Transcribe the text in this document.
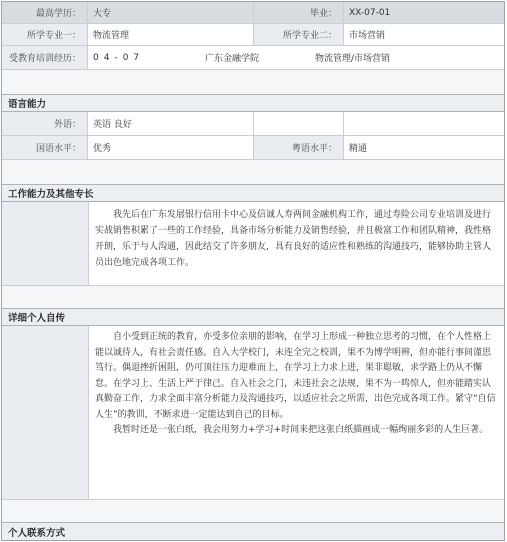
最高学历：	大专	毕业：	XX-07-01
所学专业一：	物流管理	所学专业二：	市场营销
受教育培训经历：	04-07	广东金融学院	物流管理/市场营销
语言能力
外语：	英语 良好
国语水平：	优秀	粤语水平：	精通
工作能力及其他专长

我先后在广东发展银行信用卡中心及信诚人寿两间金融机构工作，通过寿险公司专业培训及进行实战销售积累了一些的工作经验，具备市场分析能力及销售经验，并且极富工作和团队精神，我性格开朗，乐于与人沟通，因此结交了许多朋友，具有良好的适应性和熟练的沟通技巧，能够协助主管人员出色地完成各项工作。

详细个人自传

自小受到正统的教育，亦受多位亲朋的影响，在学习上形成一种独立思考的习惯，在个人性格上能以诚待人，有社会责任感。自入大学校门，未连全完之校训，果不为博学明辨，但亦能行事间谨思笃行。偶退挫折困阻，仍可顶往压力迎难而上，在学习上力求上进，果非聪敏，求学路上仍从不懈怠。在学习上、生活上严于律己。自入社会之门，未违社会之法规，果不为一鸣惊人，但亦能踏实认真勤奋工作，力求全面丰富分析能力及沟通技巧，以适应社会之所需，出色完成各项工作。紧守“自信人生”的教训，不断求进一定能达到自己的目标。

我暂时还是一张白纸，我会用努力+学习+时间来把这张白纸描画成一幅绚丽多彩的人生巨著。

个人联系方式
